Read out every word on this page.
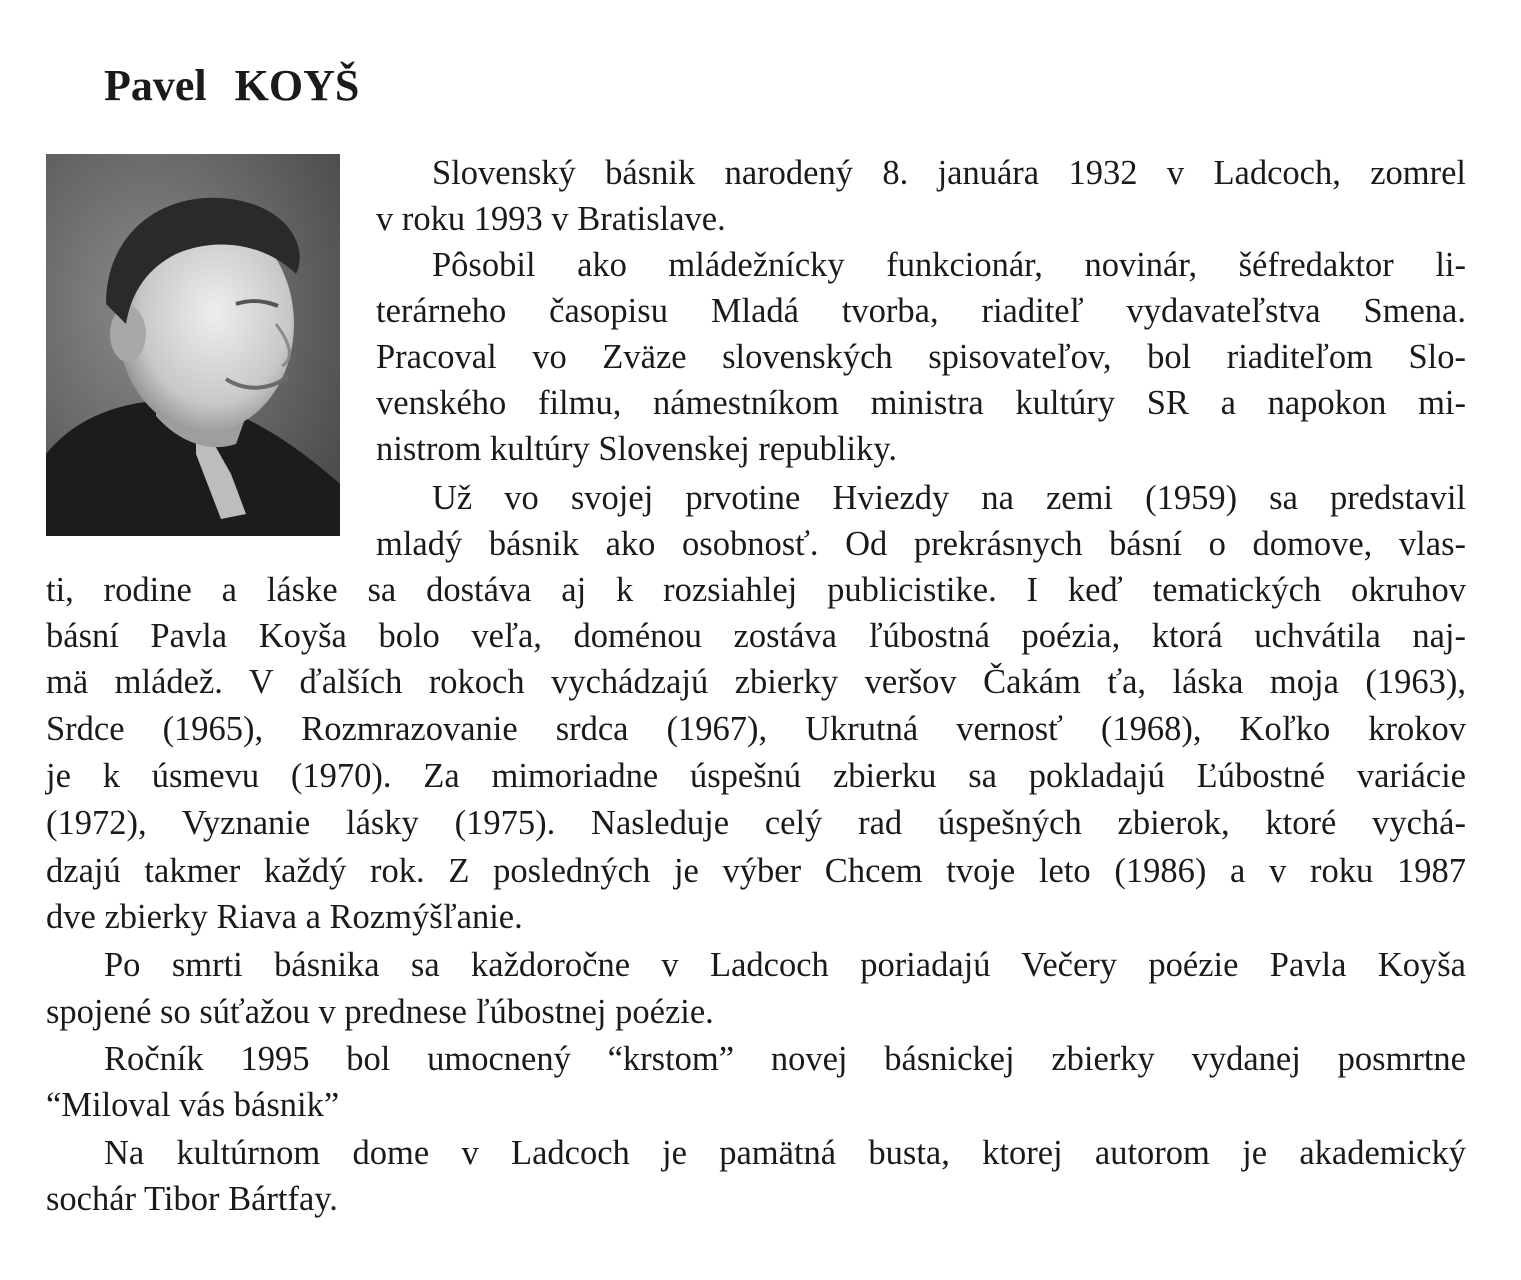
Pavel KOYŠ

Slovenský básnik narodený 8. januára 1932 v Ladcoch, zomrel

v roku 1993 v Bratislave.

Pôsobil ako mládežnícky funkcionár, novinár, šéfredaktor li-

terárneho časopisu Mladá tvorba, riaditeľ vydavateľstva Smena.

Pracoval vo Zväze slovenských spisovateľov, bol riaditeľom Slo-

venského filmu, námestníkom ministra kultúry SR a napokon mi-

nistrom kultúry Slovenskej republiky.

Už vo svojej prvotine Hviezdy na zemi (1959) sa predstavil

mladý básnik ako osobnosť. Od prekrásnych básní o domove, vlas-

ti, rodine a láske sa dostáva aj k rozsiahlej publicistike. I keď tematických okruhov

básní Pavla Koyša bolo veľa, doménou zostáva ľúbostná poézia, ktorá uchvátila naj-

mä mládež. V ďalších rokoch vychádzajú zbierky veršov Čakám ťa, láska moja (1963),

Srdce (1965), Rozmrazovanie srdca (1967), Ukrutná vernosť (1968), Koľko krokov

je k úsmevu (1970). Za mimoriadne úspešnú zbierku sa pokladajú Ľúbostné variácie

(1972), Vyznanie lásky (1975). Nasleduje celý rad úspešných zbierok, ktoré vychá-

dzajú takmer každý rok. Z posledných je výber Chcem tvoje leto (1986) a v roku 1987

dve zbierky Riava a Rozmýšľanie.

Po smrti básnika sa každoročne v Ladcoch poriadajú Večery poézie Pavla Koyša

spojené so súťažou v prednese ľúbostnej poézie.

Ročník 1995 bol umocnený “krstom” novej básnickej zbierky vydanej posmrtne

“Miloval vás básnik”

Na kultúrnom dome v Ladcoch je pamätná busta, ktorej autorom je akademický

sochár Tibor Bártfay.
